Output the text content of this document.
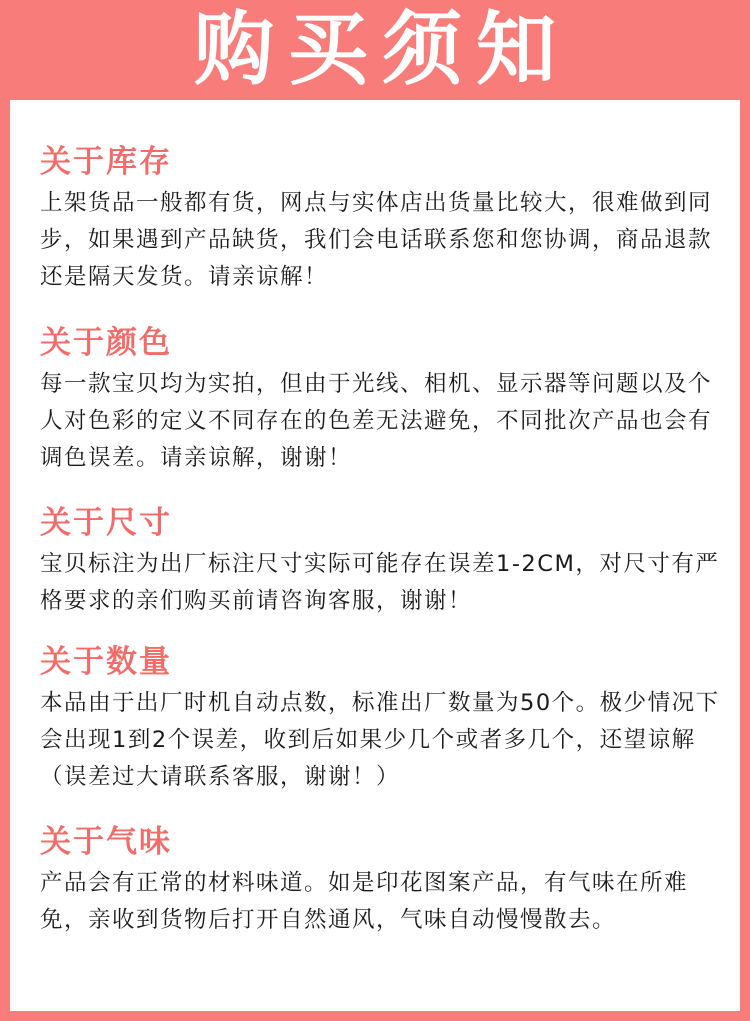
购买须知
关于库存
上架货品一般都有货，网点与实体店出货量比较大，很难做到同步，如果遇到产品缺货，我们会电话联系您和您协调，商品退款还是隔天发货。请亲谅解！
关于颜色
每一款宝贝均为实拍，但由于光线、相机、显示器等问题以及个人对色彩的定义不同存在的色差无法避免，不同批次产品也会有调色误差。请亲谅解，谢谢！
关于尺寸
宝贝标注为出厂标注尺寸实际可能存在误差1-2CM，对尺寸有严格要求的亲们购买前请咨询客服，谢谢！
关于数量
本品由于出厂时机自动点数，标准出厂数量为50个。极少情况下会出现1到2个误差，收到后如果少几个或者多几个，还望谅解（误差过大请联系客服，谢谢！）
关于气味
产品会有正常的材料味道。如是印花图案产品，有气味在所难免，亲收到货物后打开自然通风，气味自动慢慢散去。
